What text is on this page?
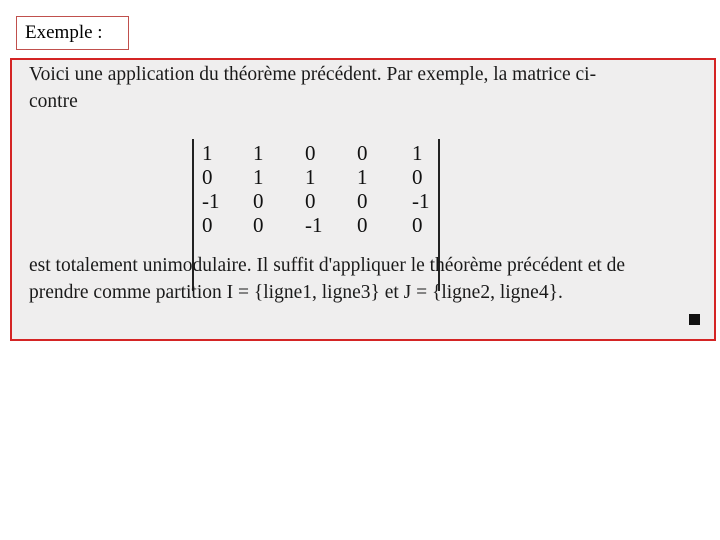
Exemple :
Voici une application du théorème précédent. Par exemple, la matrice ci-
contre
1	1	0	0	1
0	1	1	1	0
-1	0	0	0	-1
0	0	-1	0	0
est totalement unimodulaire. Il suffit d'appliquer le théorème précédent et de
prendre comme partition I = {ligne1, ligne3} et J = {ligne2, ligne4}.
